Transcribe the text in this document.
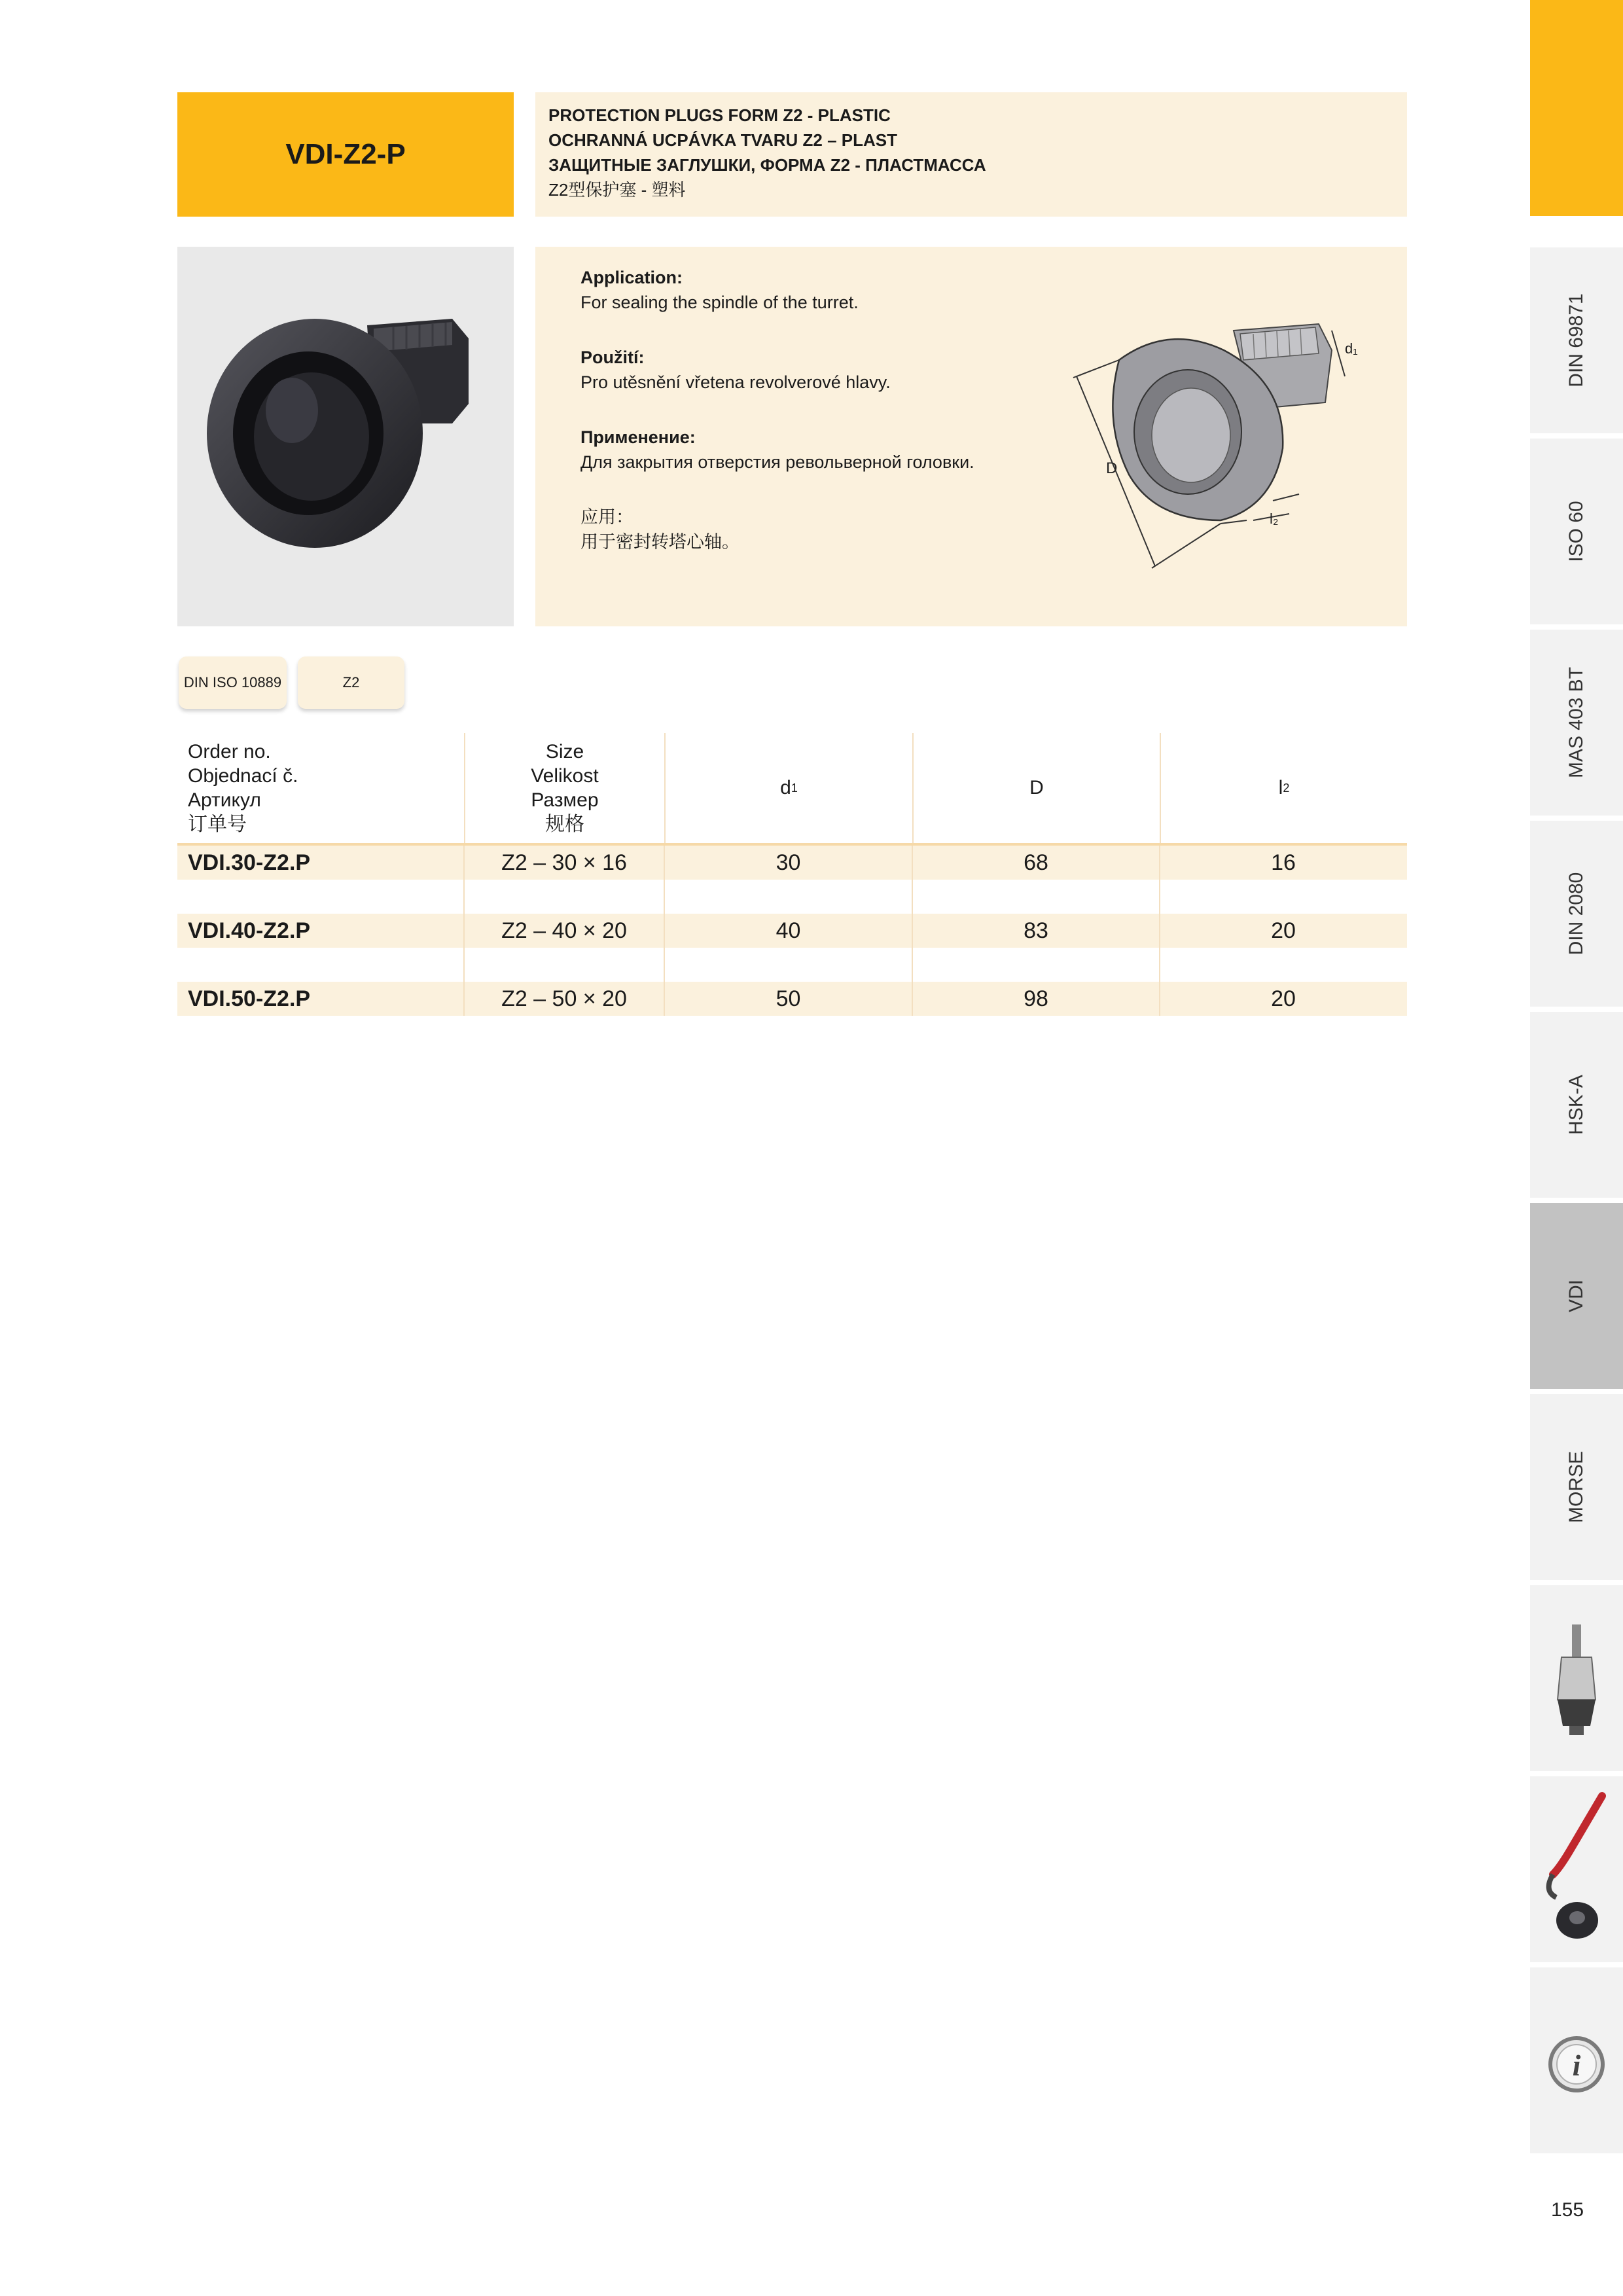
VDI-Z2-P
PROTECTION PLUGS FORM Z2 - PLASTIC
OCHRANNÁ UCPÁVKA TVARU Z2 – PLAST
ЗАЩИТНЫЕ ЗАГЛУШКИ, ФОРМА Z2 - ПЛАСТМАССА
Z2型保护塞 - 塑料
Application:
For sealing the spindle of the turret.
Použití:
Pro utěsnění vřetena revolverové hlavy.
Применение:
Для закрытия отверстия револьверной головки.
应用：
用于密封转塔心轴。
D
d₁
l₂
DIN ISO 10889	Z2
Order no.
Objednací č.
Артикул
订单号
Size
Velikost
Размер
规格
d 1	D	l 2
VDI.30-Z2.P	Z2 – 30 × 16	30	68	16
VDI.40-Z2.P	Z2 – 40 × 20	40	83	20
VDI.50-Z2.P	Z2 – 50 × 20	50	98	20
DIN 69871
ISO 60
MAS 403 BT
DIN 2080
HSK-A
VDI
MORSE
i
155
